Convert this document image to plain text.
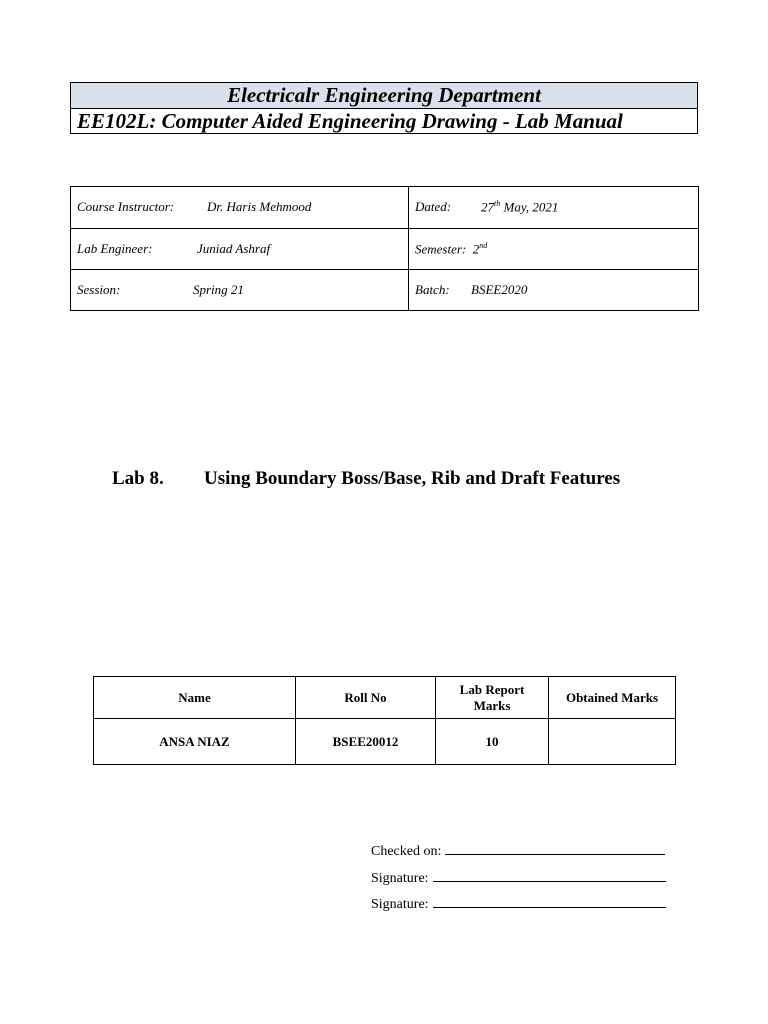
Electricalr Engineering Department
EE102L: Computer Aided Engineering Drawing - Lab Manual
Course Instructor: Dr. Haris Mehmood	Dated: 27th May, 2021
Lab Engineer: Juniad Ashraf	Semester: 2nd
Session: Spring 21	Batch: BSEE2020
Lab 8. Using Boundary Boss/Base, Rib and Draft Features
Name	Roll No	Lab Report Marks	Obtained Marks
ANSA NIAZ	BSEE20012	10	
Checked on:
Signature:
Signature:
